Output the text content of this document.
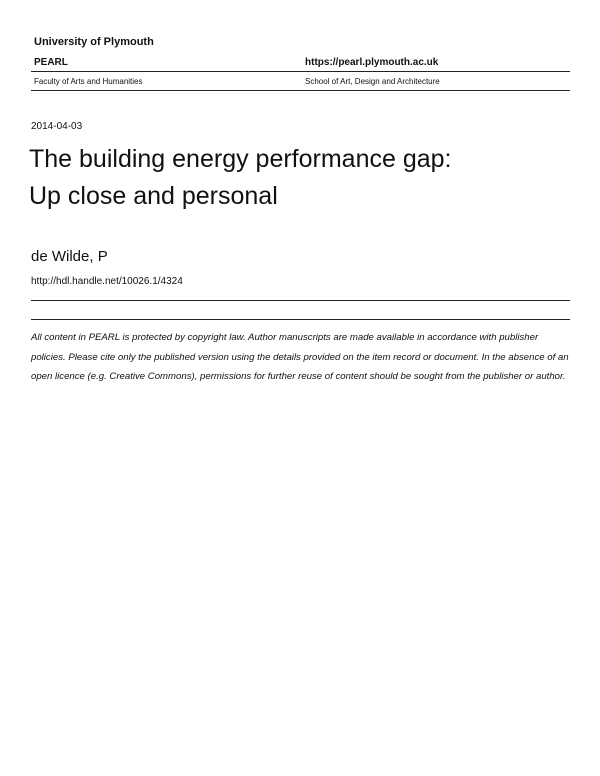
University of Plymouth
PEARL	https://pearl.plymouth.ac.uk
Faculty of Arts and Humanities	School of Art, Design and Architecture
2014-04-03
The building energy performance gap:
Up close and personal
de Wilde, P
http://hdl.handle.net/10026.1/4324
All content in PEARL is protected by copyright law. Author manuscripts are made available in accordance with publisher policies. Please cite only the published version using the details provided on the item record or document. In the absence of an open licence (e.g. Creative Commons), permissions for further reuse of content should be sought from the publisher or author.
